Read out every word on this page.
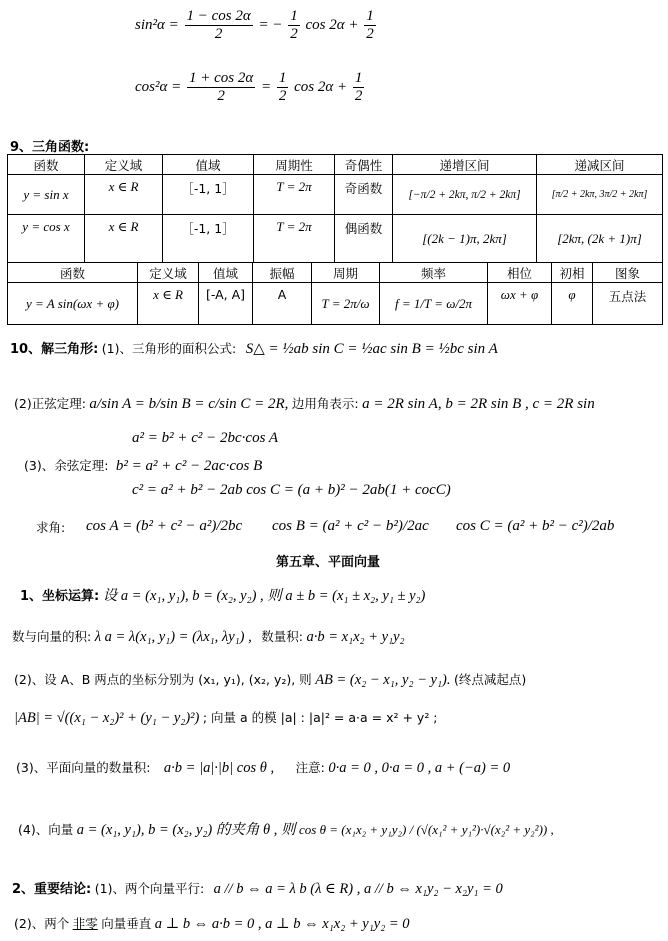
$\sin^2\alpha = \frac{1 - \cos 2\alpha}{2}$ = − $\frac{1}{2}$ $\cos 2\alpha + \frac{1}{2}$
$\cos^2\alpha = \frac{1 + \cos 2\alpha}{2} = \frac{1}{2}$ $\cos 2\alpha + \frac{1}{2}$
9、三角函数:
函数	定义域	值域	周期性	奇偶性	递增区间	递减区间
y = sin x	x ∈ R	［-1, 1］	T = 2π	奇函数	[−π/2 + 2kπ, π/2 + 2kπ]	[π/2 + 2kπ, 3π/2 + 2kπ]
y = cos x	x ∈ R	［-1, 1］	T = 2π	偶函数	[(2k − 1)π, 2kπ]	[2kπ, (2k + 1)π]
函数	定义域	值域	振幅	周期	频率	相位	初相	图象
y = A sin(ωx + φ)	x ∈ R	[-A, A]	A	T = 2π/ω	f = 1/T = ω/2π	ωx + φ	φ	五点法
10、解三角形: (1)、三角形的面积公式: S△ = ½ab sin C = ½ac sin B = ½bc sin A
(2)正弦定理: a/sin A = b/sin B = c/sin C = 2R, 边用角表示: a = 2R sin A, b = 2R sin B , c = 2R sin
a² = b² + c² − 2bc·cos A
(3)、余弦定理: b² = a² + c² − 2ac·cos B
c² = a² + b² − 2ab cos C = (a + b)² − 2ab(1 + cocC)
求角: cos A = (b² + c² − a²)/2bc cos B = (a² + c² − b²)/2ac cos C = (a² + b² − c²)/2ab
第五章、平面向量
1、坐标运算: 设 a = (x₁, y₁), b = (x₂, y₂) , 则 a ± b = (x₁ ± x₂, y₁ ± y₂)
数与向量的积: λ a = λ(x₁, y₁) = (λx₁, λy₁) , 数量积: a·b = x₁x₂ + y₁y₂
(2)、设 A、B 两点的坐标分别为 (x₁, y₁), (x₂, y₂), 则 AB = (x₂ − x₁, y₂ − y₁). (终点减起点)
|AB| = √((x₁ − x₂)² + (y₁ − y₂)²) ; 向量 a 的模 |a| : |a|² = a·a = x² + y² ;
(3)、平面向量的数量积: a·b = |a|·|b| cos θ , 注意: 0·a = 0 , 0·a = 0 , a + (−a) = 0
(4)、向量 a = (x₁, y₁), b = (x₂, y₂) 的夹角 θ , 则 cos θ = (x₁x₂ + y₁y₂) / (√(x₁² + y₁²)·√(x₂² + y₂²)) ,
2、重要结论: (1)、两个向量平行: a // b ⇔ a = λ b (λ ∈ R) , a // b ⇔ x₁y₂ − x₂y₁ = 0
(2)、两个 非零 向量垂直 a ⊥ b ⇔ a·b = 0 , a ⊥ b ⇔ x₁x₂ + y₁y₂ = 0
